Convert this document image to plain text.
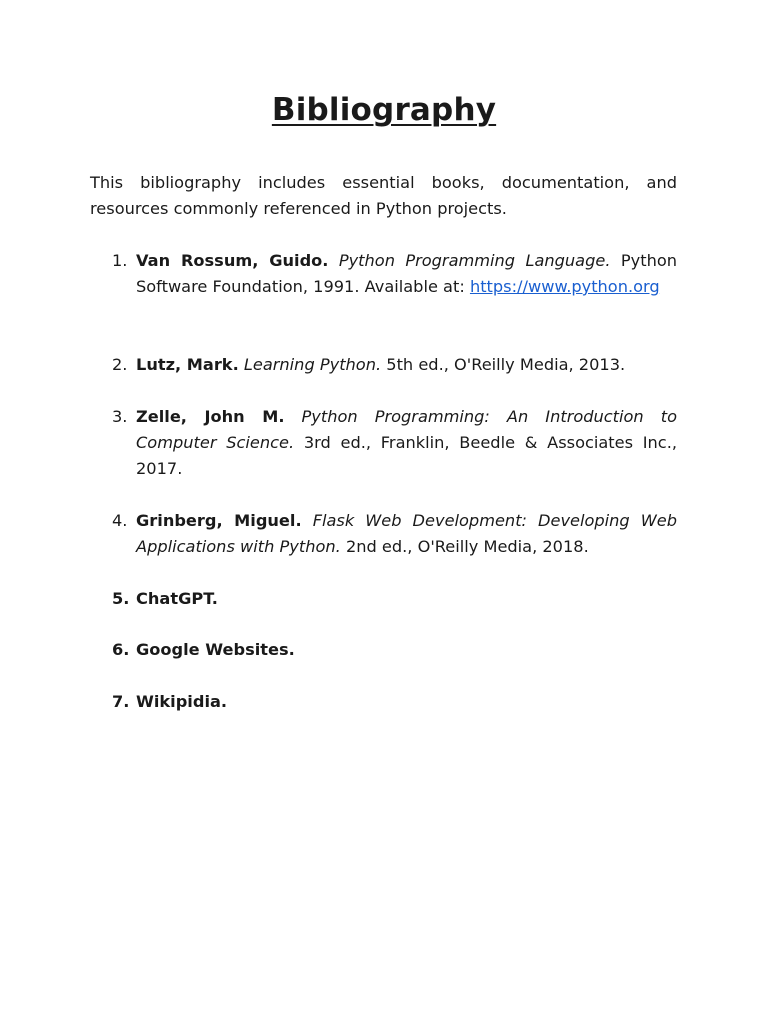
Bibliography

This bibliography includes essential books, documentation, and resources commonly referenced in Python projects.

1. Van Rossum, Guido. Python Programming Language. Python Software Foundation, 1991. Available at: https://www.python.org
2. Lutz, Mark. Learning Python. 5th ed., O'Reilly Media, 2013.
3. Zelle, John M. Python Programming: An Introduction to Computer Science. 3rd ed., Franklin, Beedle & Associates Inc., 2017.
4. Grinberg, Miguel. Flask Web Development: Developing Web Applications with Python. 2nd ed., O'Reilly Media, 2018.
5. ChatGPT.
6. Google Websites.
7. Wikipidia.
